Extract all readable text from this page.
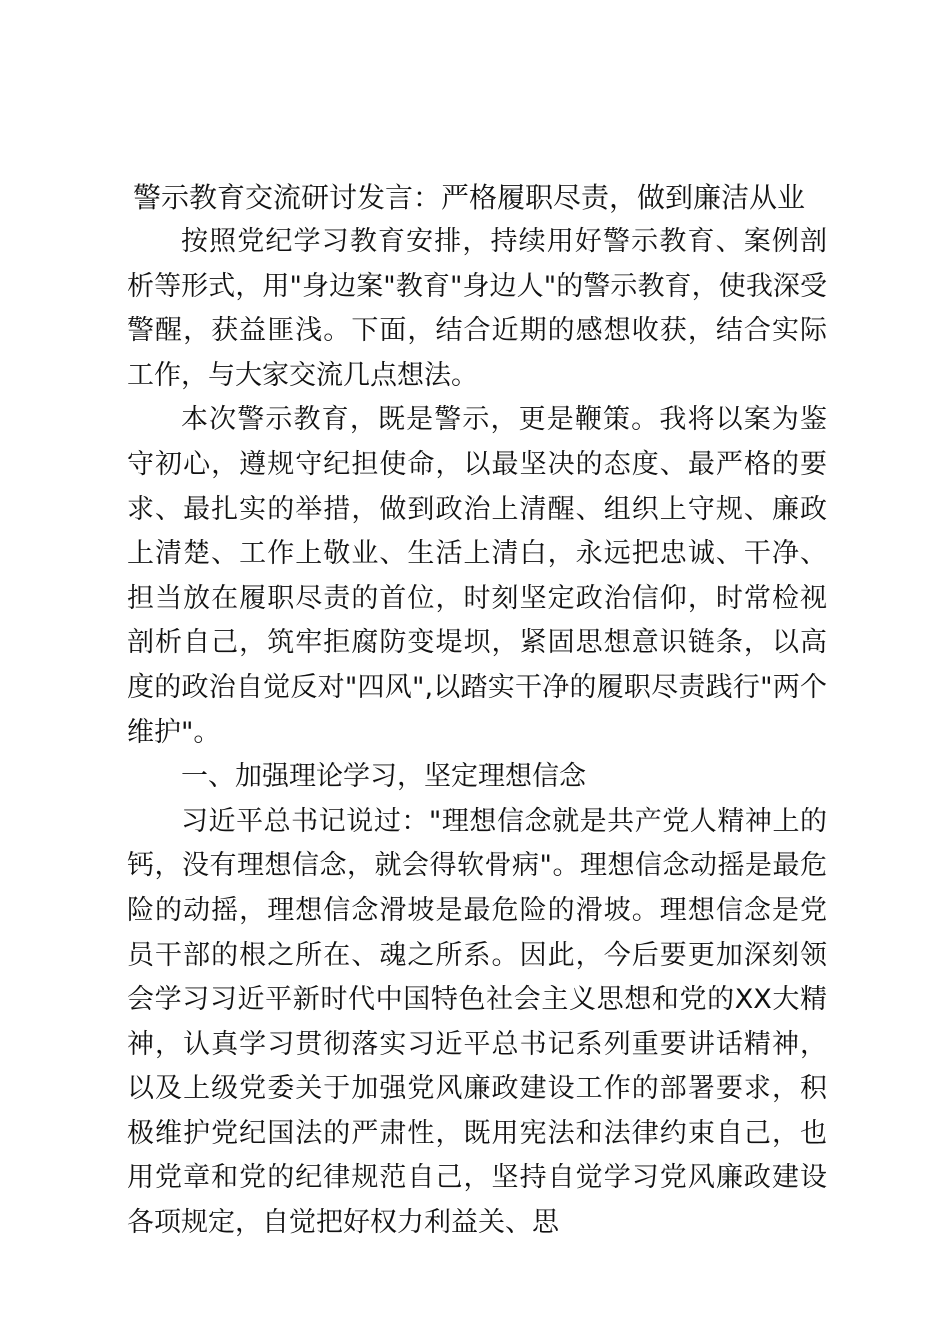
警示教育交流研讨发言：严格履职尽责，做到廉洁从业

按照党纪学习教育安排，持续用好警示教育、案例剖析等形式，用"身边案"教育"身边人"的警示教育，使我深受警醒，获益匪浅。下面，结合近期的感想收获，结合实际工作，与大家交流几点想法。

本次警示教育，既是警示，更是鞭策。我将以案为鉴守初心，遵规守纪担使命，以最坚决的态度、最严格的要求、最扎实的举措，做到政治上清醒、组织上守规、廉政上清楚、工作上敬业、生活上清白，永远把忠诚、干净、担当放在履职尽责的首位，时刻坚定政治信仰，时常检视剖析自己，筑牢拒腐防变堤坝，紧固思想意识链条，以高度的政治自觉反对"四风",以踏实干净的履职尽责践行"两个维护"。

一、加强理论学习，坚定理想信念

习近平总书记说过："理想信念就是共产党人精神上的钙，没有理想信念，就会得软骨病"。理想信念动摇是最危险的动摇，理想信念滑坡是最危险的滑坡。理想信念是党员干部的根之所在、魂之所系。因此，今后要更加深刻领会学习习近平新时代中国特色社会主义思想和党的XX大精神，认真学习贯彻落实习近平总书记系列重要讲话精神，以及上级党委关于加强党风廉政建设工作的部署要求，积极维护党纪国法的严肃性，既用宪法和法律约束自己，也用党章和党的纪律规范自己，坚持自觉学习党风廉政建设各项规定，自觉把好权力利益关、思
